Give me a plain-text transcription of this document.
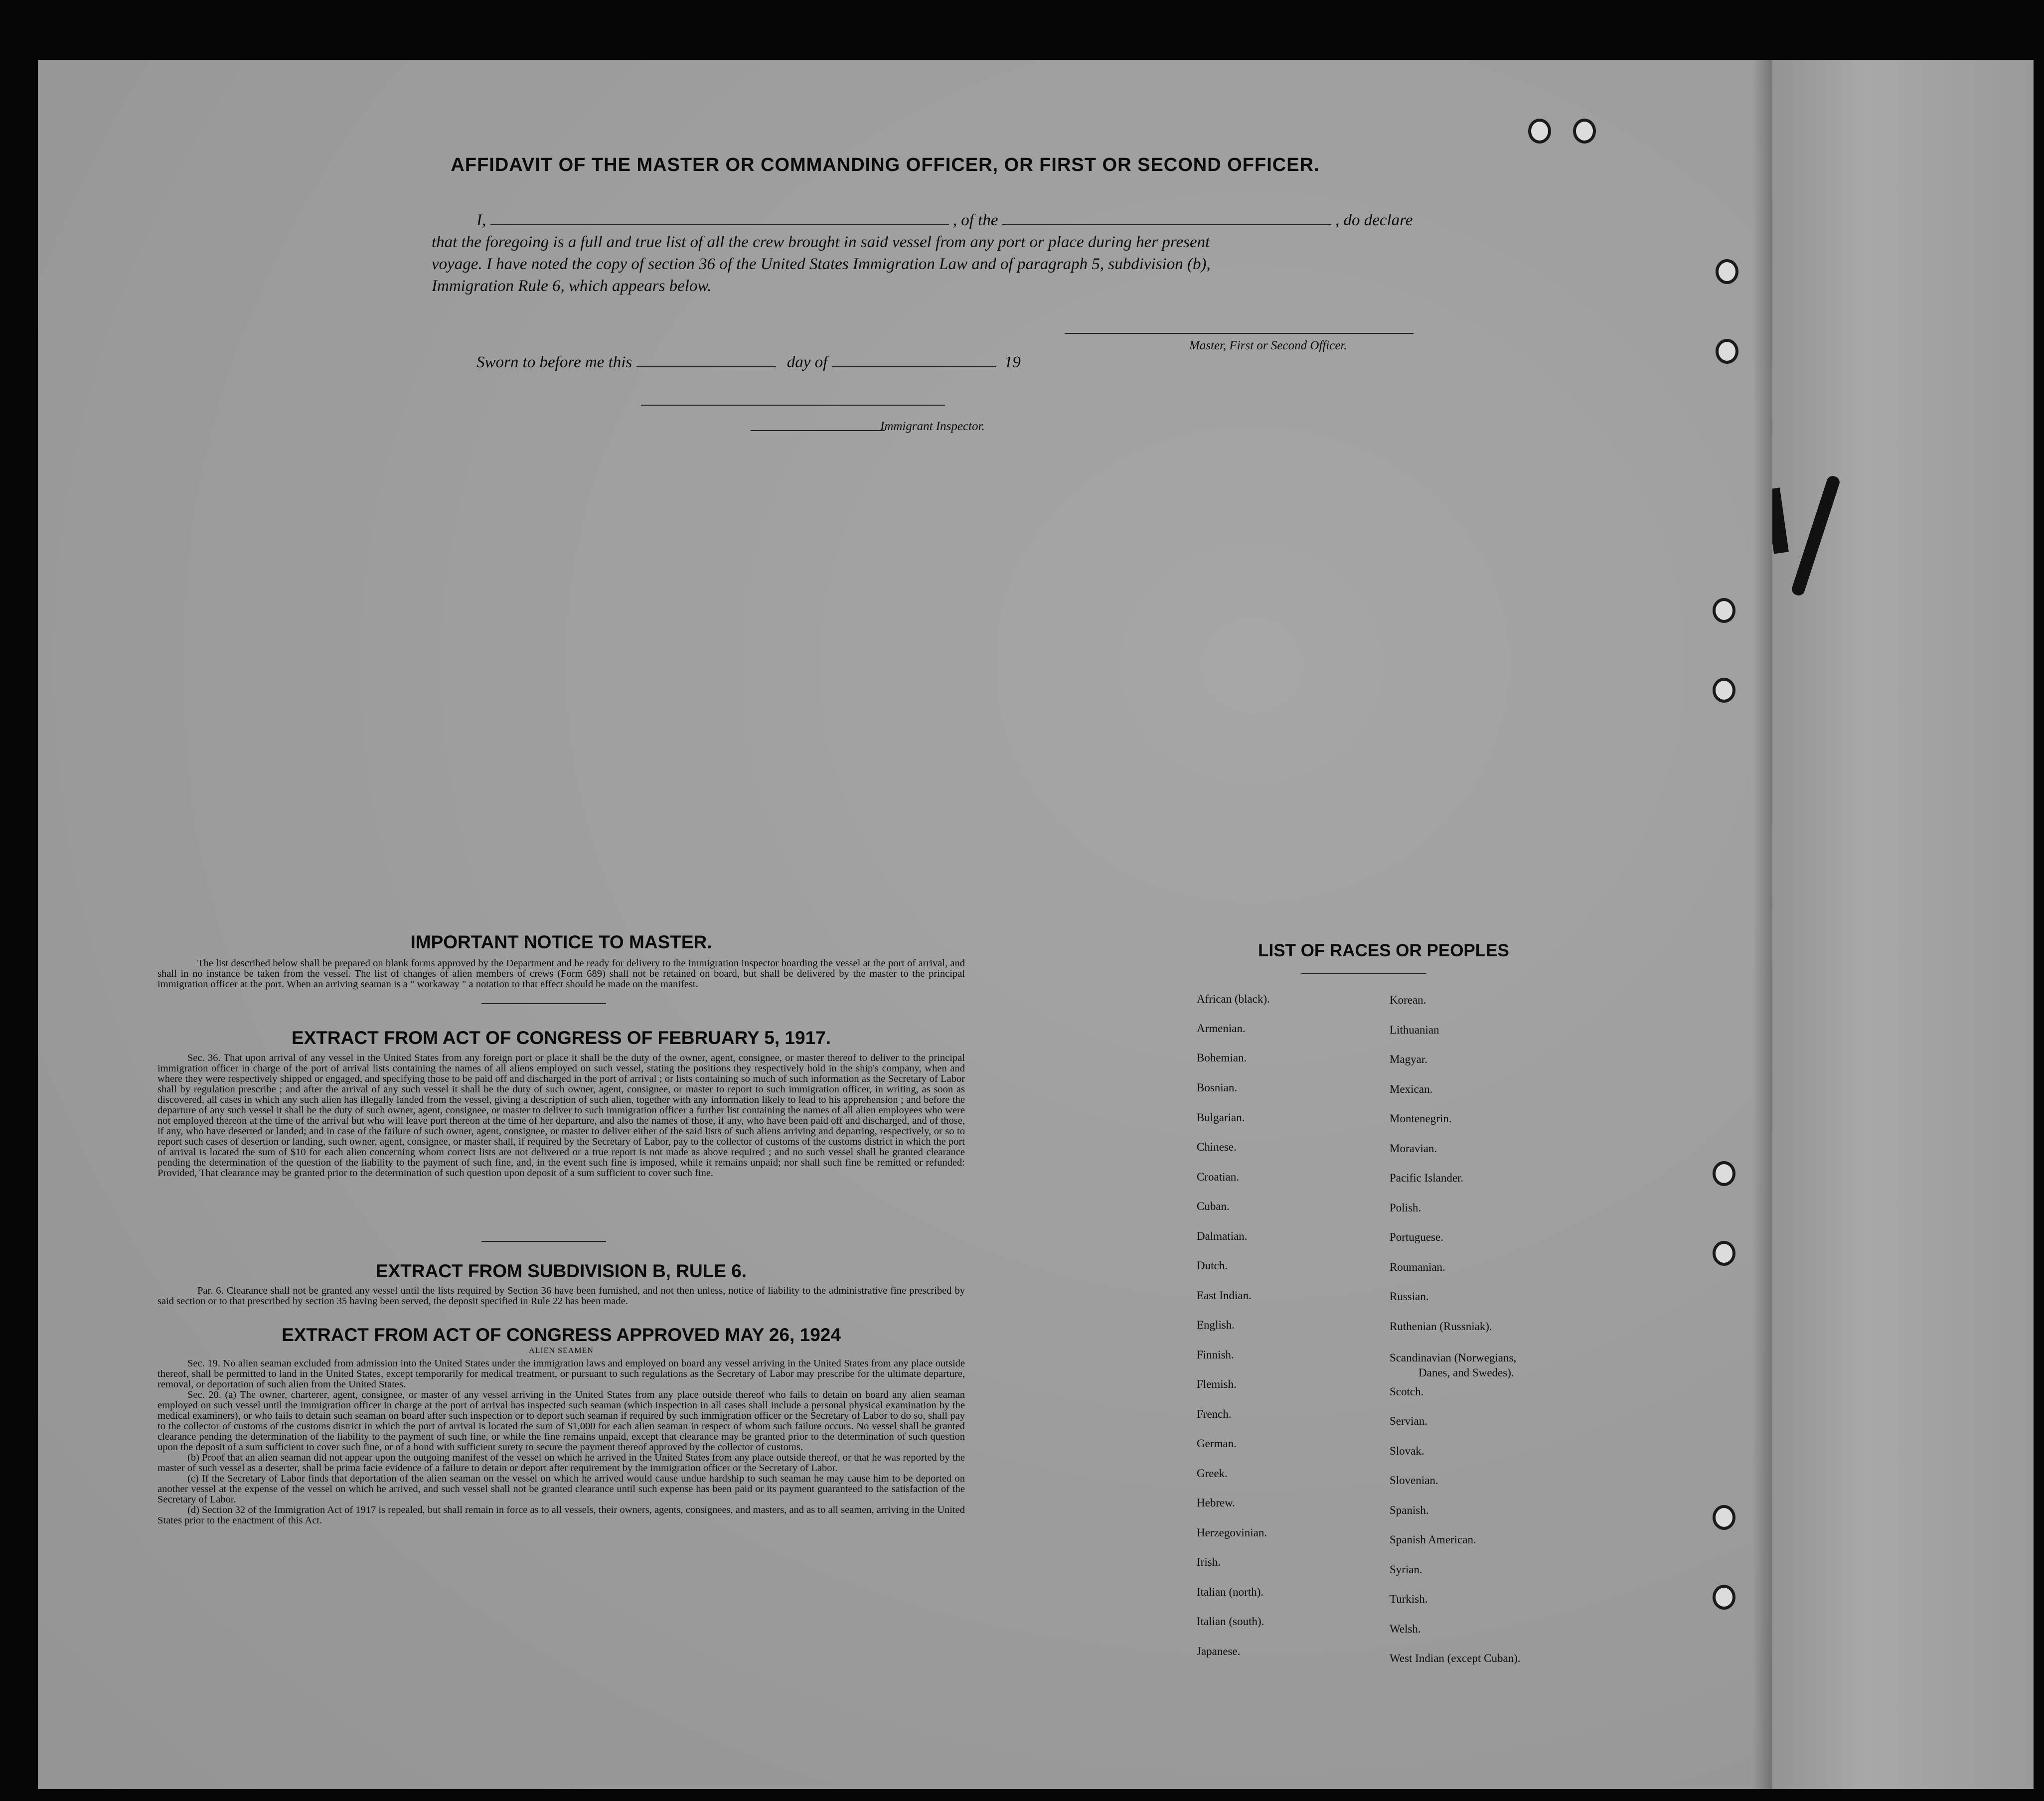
AFFIDAVIT OF THE MASTER OR COMMANDING OFFICER, OR FIRST OR SECOND OFFICER.
I,	, of the	, do declare
that the foregoing is a full and true list of all the crew brought in said vessel from any port or place during her present
voyage. I have noted the copy of section 36 of the United States Immigration Law and of paragraph 5, subdivision (b),
Immigration Rule 6, which appears below.
Master, First or Second Officer.
Sworn to before me this	day of	19
Immigrant Inspector.
IMPORTANT NOTICE TO MASTER.
The list described below shall be prepared on blank forms approved by the Department and be ready for delivery to the immigration inspector boarding the vessel at the port of arrival, and shall in no instance be taken from the vessel. The list of changes of alien members of crews (Form 689) shall not be retained on board, but shall be delivered by the master to the principal immigration officer at the port. When an arriving seaman is a " workaway " a notation to that effect should be made on the manifest.
EXTRACT FROM ACT OF CONGRESS OF FEBRUARY 5, 1917.
Sec. 36. That upon arrival of any vessel in the United States from any foreign port or place it shall be the duty of the owner, agent, consignee, or master thereof to deliver to the principal immigration officer in charge of the port of arrival lists containing the names of all aliens employed on such vessel, stating the positions they respectively hold in the ship's company, when and where they were respectively shipped or engaged, and specifying those to be paid off and discharged in the port of arrival ; or lists containing so much of such information as the Secretary of Labor shall by regulation prescribe ; and after the arrival of any such vessel it shall be the duty of such owner, agent, consignee, or master to report to such immigration officer, in writing, as soon as discovered, all cases in which any such alien has illegally landed from the vessel, giving a description of such alien, together with any information likely to lead to his apprehension ; and before the departure of any such vessel it shall be the duty of such owner, agent, consignee, or master to deliver to such immigration officer a further list containing the names of all alien employees who were not employed thereon at the time of the arrival but who will leave port thereon at the time of her departure, and also the names of those, if any, who have been paid off and discharged, and of those, if any, who have deserted or landed; and in case of the failure of such owner, agent, consignee, or master to deliver either of the said lists of such aliens arriving and departing, respectively, or so to report such cases of desertion or landing, such owner, agent, consignee, or master shall, if required by the Secretary of Labor, pay to the collector of customs of the customs district in which the port of arrival is located the sum of $10 for each alien concerning whom correct lists are not delivered or a true report is not made as above required ; and no such vessel shall be granted clearance pending the determination of the question of the liability to the payment of such fine, and, in the event such fine is imposed, while it remains unpaid; nor shall such fine be remitted or refunded: Provided, That clearance may be granted prior to the determination of such question upon deposit of a sum sufficient to cover such fine.
EXTRACT FROM SUBDIVISION B, RULE 6.
Par. 6. Clearance shall not be granted any vessel until the lists required by Section 36 have been furnished, and not then unless, notice of liability to the administrative fine prescribed by said section or to that prescribed by section 35 having been served, the deposit specified in Rule 22 has been made.
EXTRACT FROM ACT OF CONGRESS APPROVED MAY 26, 1924
ALIEN SEAMEN
Sec. 19. No alien seaman excluded from admission into the United States under the immigration laws and employed on board any vessel arriving in the United States from any place outside thereof, shall be permitted to land in the United States, except temporarily for medical treatment, or pursuant to such regulations as the Secretary of Labor may prescribe for the ultimate departure, removal, or deportation of such alien from the United States.
Sec. 20. (a) The owner, charterer, agent, consignee, or master of any vessel arriving in the United States from any place outside thereof who fails to detain on board any alien seaman employed on such vessel until the immigration officer in charge at the port of arrival has inspected such seaman (which inspection in all cases shall include a personal physical examination by the medical examiners), or who fails to detain such seaman on board after such inspection or to deport such seaman if required by such immigration officer or the Secretary of Labor to do so, shall pay to the collector of customs of the customs district in which the port of arrival is located the sum of $1,000 for each alien seaman in respect of whom such failure occurs. No vessel shall be granted clearance pending the determination of the liability to the payment of such fine, or while the fine remains unpaid, except that clearance may be granted prior to the determination of such question upon the deposit of a sum sufficient to cover such fine, or of a bond with sufficient surety to secure the payment thereof approved by the collector of customs.
(b) Proof that an alien seaman did not appear upon the outgoing manifest of the vessel on which he arrived in the United States from any place outside thereof, or that he was reported by the master of such vessel as a deserter, shall be prima facie evidence of a failure to detain or deport after requirement by the immigration officer or the Secretary of Labor.
(c) If the Secretary of Labor finds that deportation of the alien seaman on the vessel on which he arrived would cause undue hardship to such seaman he may cause him to be deported on another vessel at the expense of the vessel on which he arrived, and such vessel shall not be granted clearance until such expense has been paid or its payment guaranteed to the satisfaction of the Secretary of Labor.
(d) Section 32 of the Immigration Act of 1917 is repealed, but shall remain in force as to all vessels, their owners, agents, consignees, and masters, and as to all seamen, arriving in the United States prior to the enactment of this Act.
LIST OF RACES OR PEOPLES
African (black).
Armenian.
Bohemian.
Bosnian.
Bulgarian.
Chinese.
Croatian.
Cuban.
Dalmatian.
Dutch.
East Indian.
English.
Finnish.
Flemish.
French.
German.
Greek.
Hebrew.
Herzegovinian.
Irish.
Italian (north).
Italian (south).
Japanese.
Korean.
Lithuanian
Magyar.
Mexican.
Montenegrin.
Moravian.
Pacific Islander.
Polish.
Portuguese.
Roumanian.
Russian.
Ruthenian (Russniak).
Scandinavian (Norwegians,
Danes, and Swedes).
Scotch.
Servian.
Slovak.
Slovenian.
Spanish.
Spanish American.
Syrian.
Turkish.
Welsh.
West Indian (except Cuban).
